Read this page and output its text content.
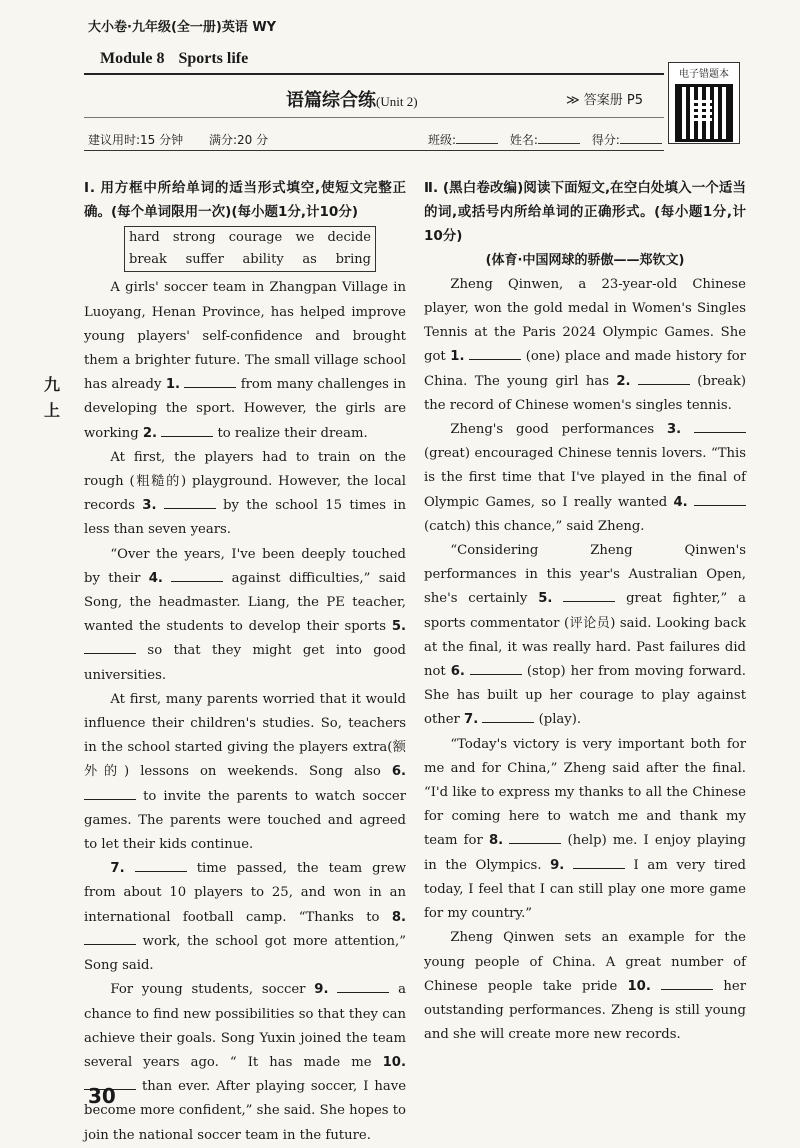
大小卷·九年级(全一册)英语 WY
Module 8 Sports life
语篇综合练(Unit 2)	≫ 答案册 P5
电子错题本
建议用时:15 分钟 满分:20 分	班级:	姓名:	得分:
九
上

Ⅰ. 用方框中所给单词的适当形式填空,使短文完整正确。(每个单词限用一次)(每小题1分,计10分)

hard strong courage we decide
break suffer ability as bring

A girls' soccer team in Zhangpan Village in Luoyang, Henan Province, has helped improve young players' self-confidence and brought them a brighter future. The small village school has already 1.	from many challenges in developing the sport. However, the girls are working 2.	to realize their dream.

At first, the players had to train on the rough (粗糙的) playground. However, the local records 3.	by the school 15 times in less than seven years.

“Over the years, I've been deeply touched by their 4.	against difficulties,” said Song, the headmaster. Liang, the PE teacher, wanted the students to develop their sports 5.  so that they might get into good universities.

At first, many parents worried that it would influence their children's studies. So, teachers in the school started giving the players extra(额外的) lessons on weekends. Song also 6.  to invite the parents to watch soccer games. The parents were touched and agreed to let their kids continue.

7.	time passed, the team grew from about 10 players to 25, and won in an international football camp. “Thanks to 8.  work, the school got more attention,” Song said.

For young students, soccer 9.	a chance to find new possibilities so that they can achieve their goals. Song Yuxin joined the team several years ago. “ It has made me 10.  than ever. After playing soccer, I have become more confident,” she said. She hopes to join the national soccer team in the future.

Ⅱ. (黑白卷改编)阅读下面短文,在空白处填入一个适当的词,或括号内所给单词的正确形式。(每小题1分,计10分)

(体育·中国网球的骄傲——郑钦文)

Zheng Qinwen, a 23-year-old Chinese player, won the gold medal in Women's Singles Tennis at the Paris 2024 Olympic Games. She got 1.	(one) place and made history for China. The young girl has 2.	(break) the record of Chinese women's singles tennis.

Zheng's good performances 3.  (great) encouraged Chinese tennis lovers. “This is the first time that I've played in the final of Olympic Games, so I really wanted 4.  (catch) this chance,” said Zheng.

“Considering Zheng Qinwen's performances in this year's Australian Open, she's certainly 5.	great fighter,” a sports commentator (评论员) said. Looking back at the final, it was really hard. Past failures did not 6.	(stop) her from moving forward. She has built up her courage to play against other 7.	(play).

“Today's victory is very important both for me and for China,” Zheng said after the final. “I'd like to express my thanks to all the Chinese for coming here to watch me and thank my team for 8.	(help) me. I enjoy playing in the Olympics. 9.	I am very tired today, I feel that I can still play one more game for my country.”

Zheng Qinwen sets an example for the young people of China. A great number of Chinese people take pride 10.	her outstanding performances. Zheng is still young and she will create more new records.

30
